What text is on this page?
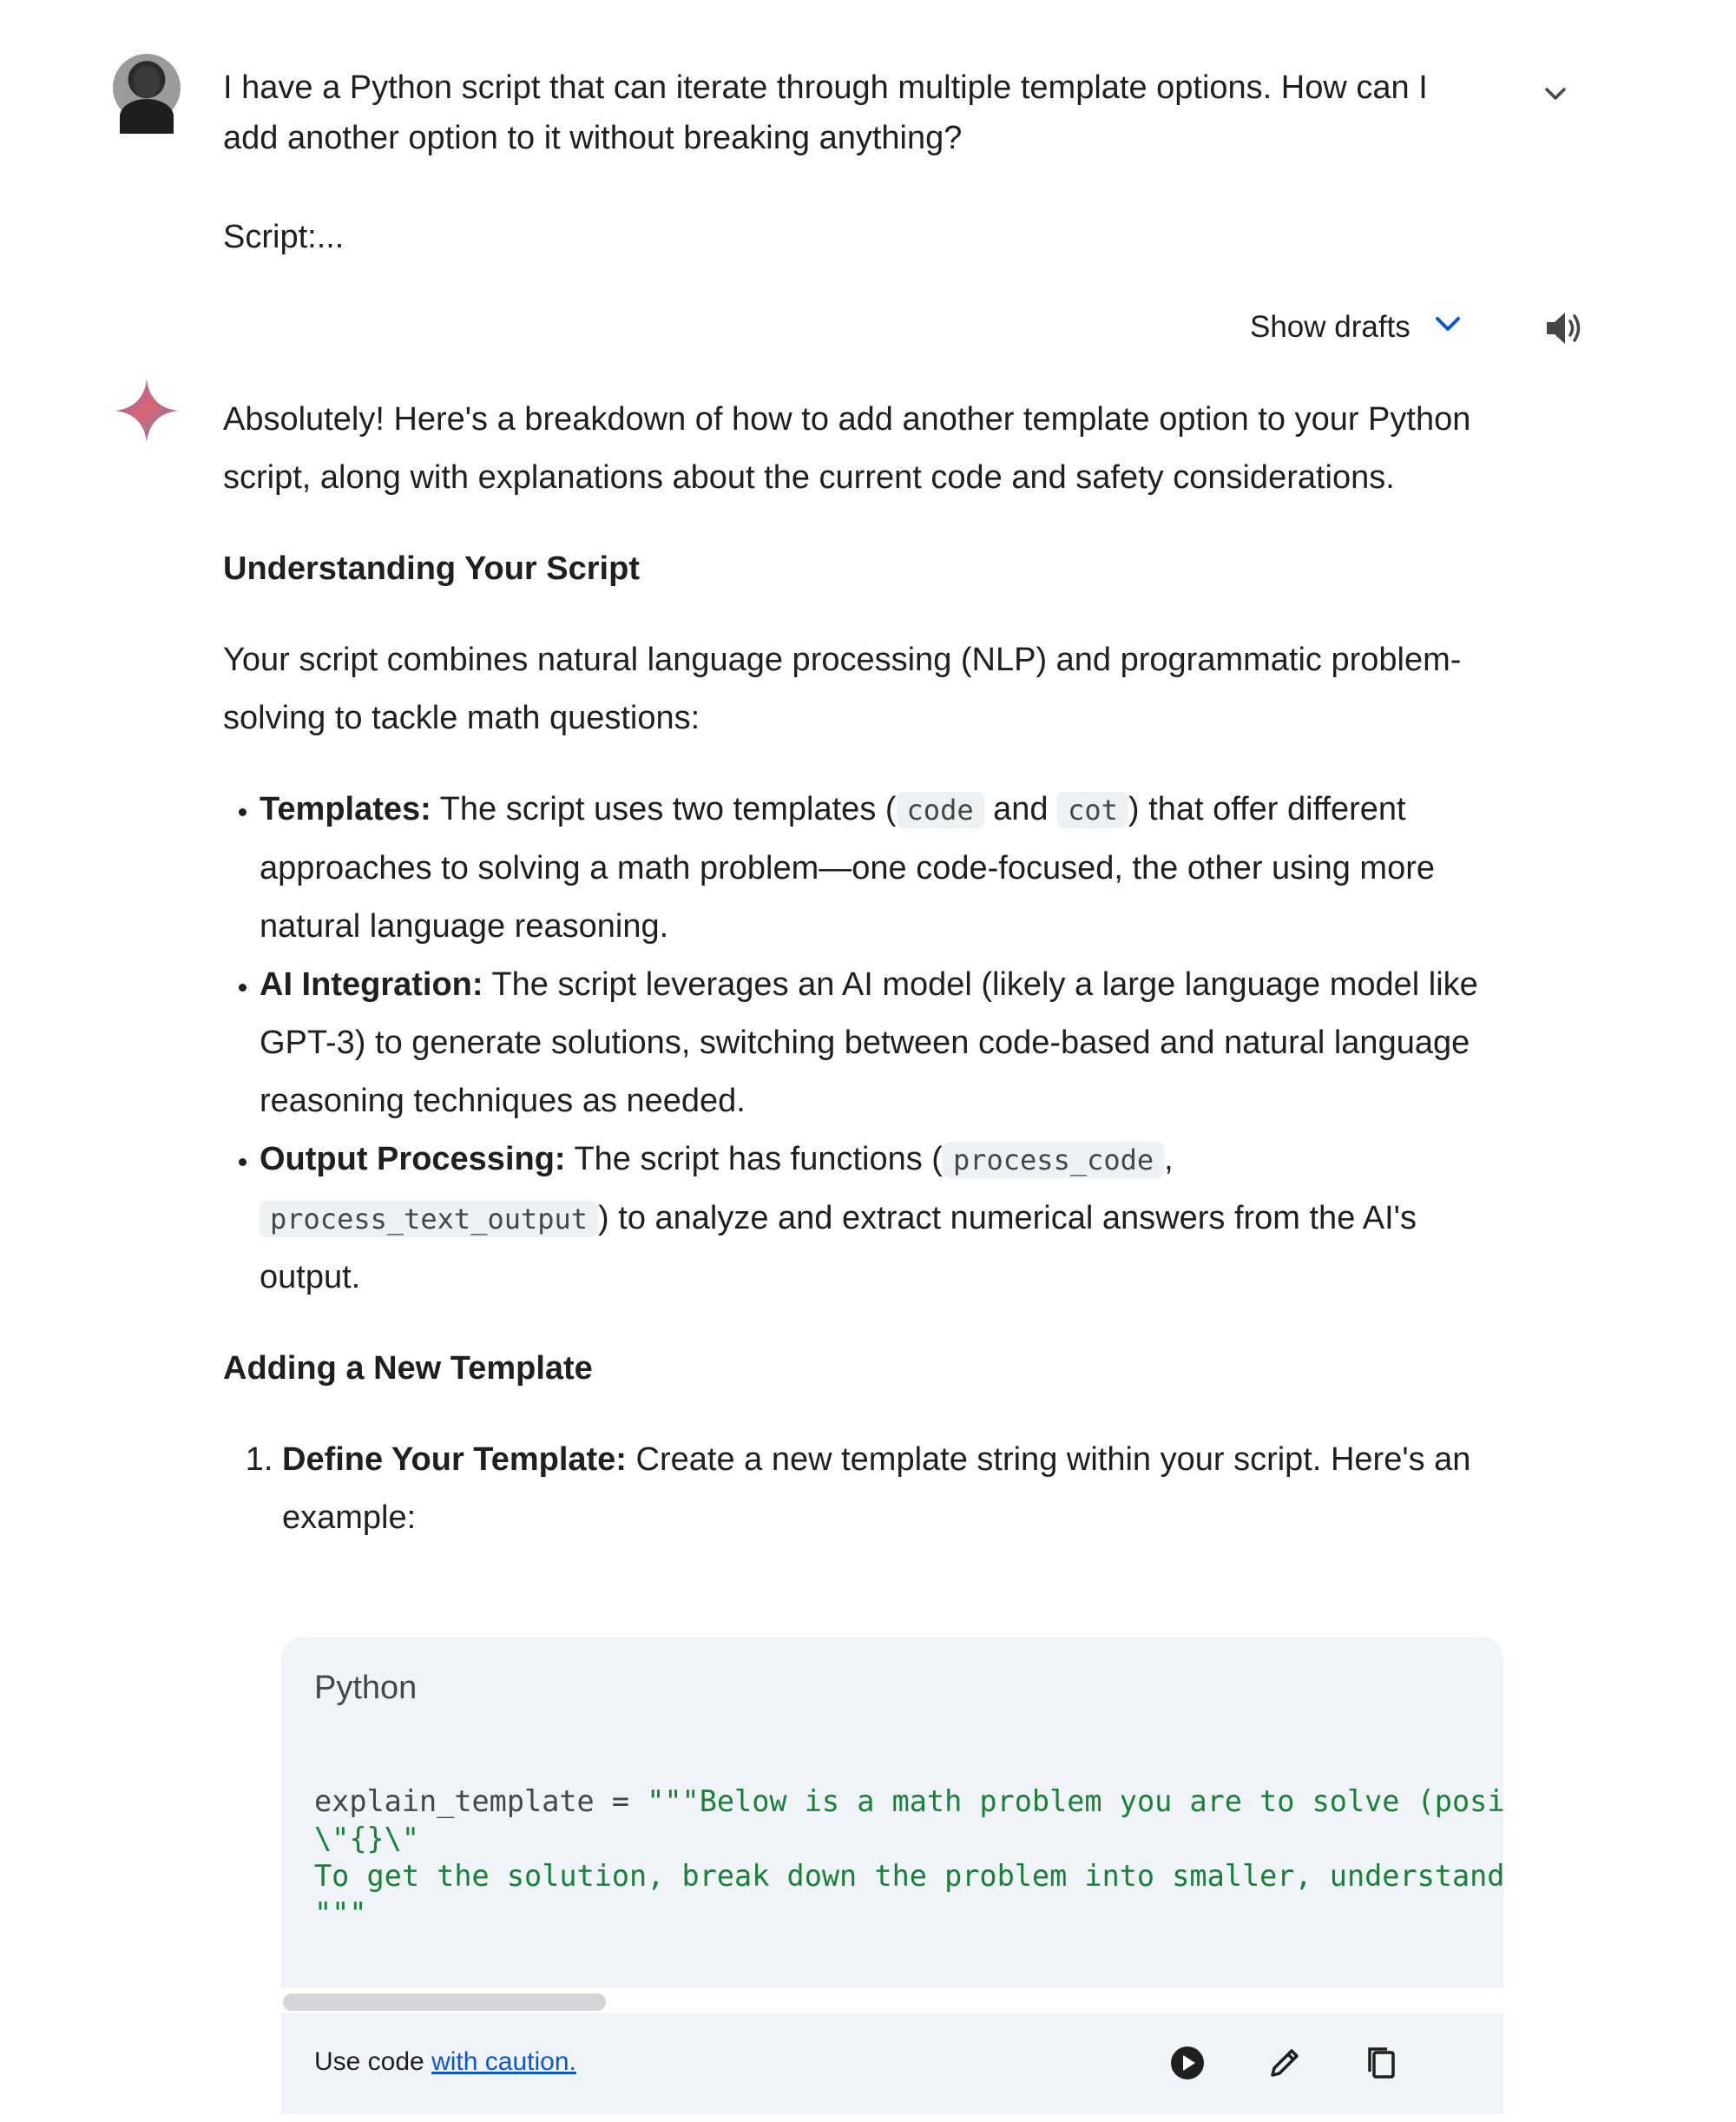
I have a Python script that can iterate through multiple template options. How can I add another option to it without breaking anything?

Script:...
Show drafts

Absolutely! Here's a breakdown of how to add another template option to your Python script, along with explanations about the current code and safety considerations.

Understanding Your Script

Your script combines natural language processing (NLP) and programmatic problem-solving to tackle math questions:

• Templates: The script uses two templates ( code and cot ) that offer different approaches to solving a math problem—one code-focused, the other using more natural language reasoning.
• AI Integration: The script leverages an AI model (likely a large language model like GPT-3) to generate solutions, switching between code-based and natural language reasoning techniques as needed.
• Output Processing: The script has functions ( process_code , process_text_output ) to analyze and extract numerical answers from the AI's output.
Adding a New Template
1. Define Your Template: Create a new template string within your script. Here's an example:
Python
explain_template = """Below is a math problem you are to solve (posi
\"{}\"
To get the solution, break down the problem into smaller, understand
"""
Use code with caution.
